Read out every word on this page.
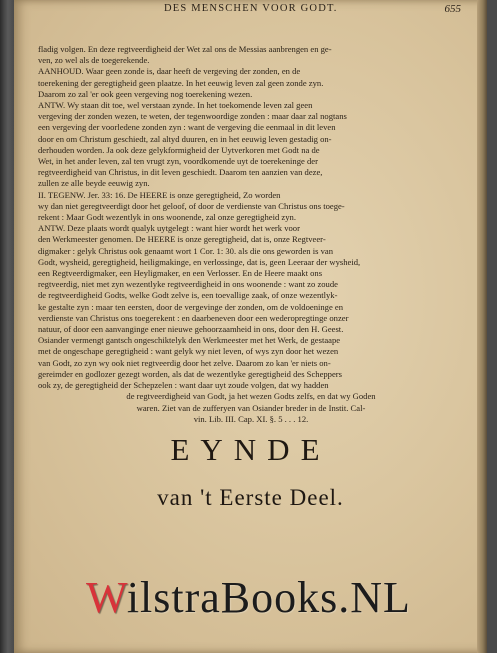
DES MENSCHEN VOOR GODT.	655

fladig volgen. En deze regtveerdigheid der Wet zal ons de Messias aanbrengen en ge-

ven, zo wel als de toegerekende.

AANHOUD. Waar geen zonde is, daar heeft de vergeving der zonden, en de

toerekening der geregtigheid geen plaatze. In het eeuwig leven zal geen zonde zyn.

Daarom zo zal 'er ook geen vergeving nog toerekening wezen.

ANTW. Wy staan dit toe, wel verstaan zynde. In het toekomende leven zal geen

vergeving der zonden wezen, te weten, der tegenwoordige zonden : maar daar zal nogtans

een vergeving der voorledene zonden zyn : want de vergeving die eenmaal in dit leven

door en om Christum geschiedt, zal altyd duuren, en in het eeuwig leven gestadig on-

derhouden worden. Ja ook deze gelykformigheid der Uytverkoren met Godt na de

Wet, in het ander leven, zal ten vrugt zyn, voordkomende uyt de toerekeninge der

regtveerdigheid van Christus, in dit leven geschiedt. Daarom ten aanzien van deze,

zullen ze alle beyde eeuwig zyn.

II. TEGENW. Jer. 33: 16. De HEERE is onze geregtigheid, Zo worden

wy dan niet geregtveerdigt door het geloof, of door de verdienste van Christus ons toege-

rekent : Maar Godt wezentlyk in ons woonende, zal onze geregtigheid zyn.

ANTW. Deze plaats wordt qualyk uytgelegt : want hier wordt het werk voor

den Werkmeester genomen. De HEERE is onze geregtigheid, dat is, onze Regtveer-

digmaker : gelyk Christus ook genaamt wort 1 Cor. 1: 30. als die ons geworden is van

Godt, wysheid, geregtigheid, heiligmakinge, en verlossinge, dat is, geen Leeraar der wysheid,

een Regtveerdigmaker, een Heyligmaker, en een Verlosser. En de Heere maakt ons

regtveerdig, niet met zyn wezentlyke regtveerdigheid in ons woonende : want zo zoude

de regtveerdigheid Godts, welke Godt zelve is, een toevallige zaak, of onze wezentlyk-

ke gestalte zyn : maar ten eersten, door de vergevinge der zonden, om de voldoeninge en

verdienste van Christus ons toegerekent : en daarbeneven door een wederopregtinge onzer

natuur, of door een aanvanginge ener nieuwe gehoorzaamheid in ons, door den H. Geest.

Osiander vermengt gantsch ongeschiktelyk den Werkmeester met het Werk, de gestaape

met de ongeschape geregtigheid : want gelyk wy niet leven, of wys zyn door het wezen

van Godt, zo zyn wy ook niet regtveerdig door het zelve. Daarom zo kan 'er niets on-

gereimder en godlozer gezegt worden, als dat de wezentlyke geregtigheid des Scheppers

ook zy, de geregtigheid der Schepzelen : want daar uyt zoude volgen, dat wy hadden

de regtveerdigheid van Godt, ja het wezen Godts zelfs, en dat wy Goden

waren. Ziet van de zufferyen van Osiander breder in de Instit. Cal-

vin. Lib. III. Cap. XI. §. 5 . . . 12.

EYNDE
van 't Eerste Deel.
WilstraBooks.NL
